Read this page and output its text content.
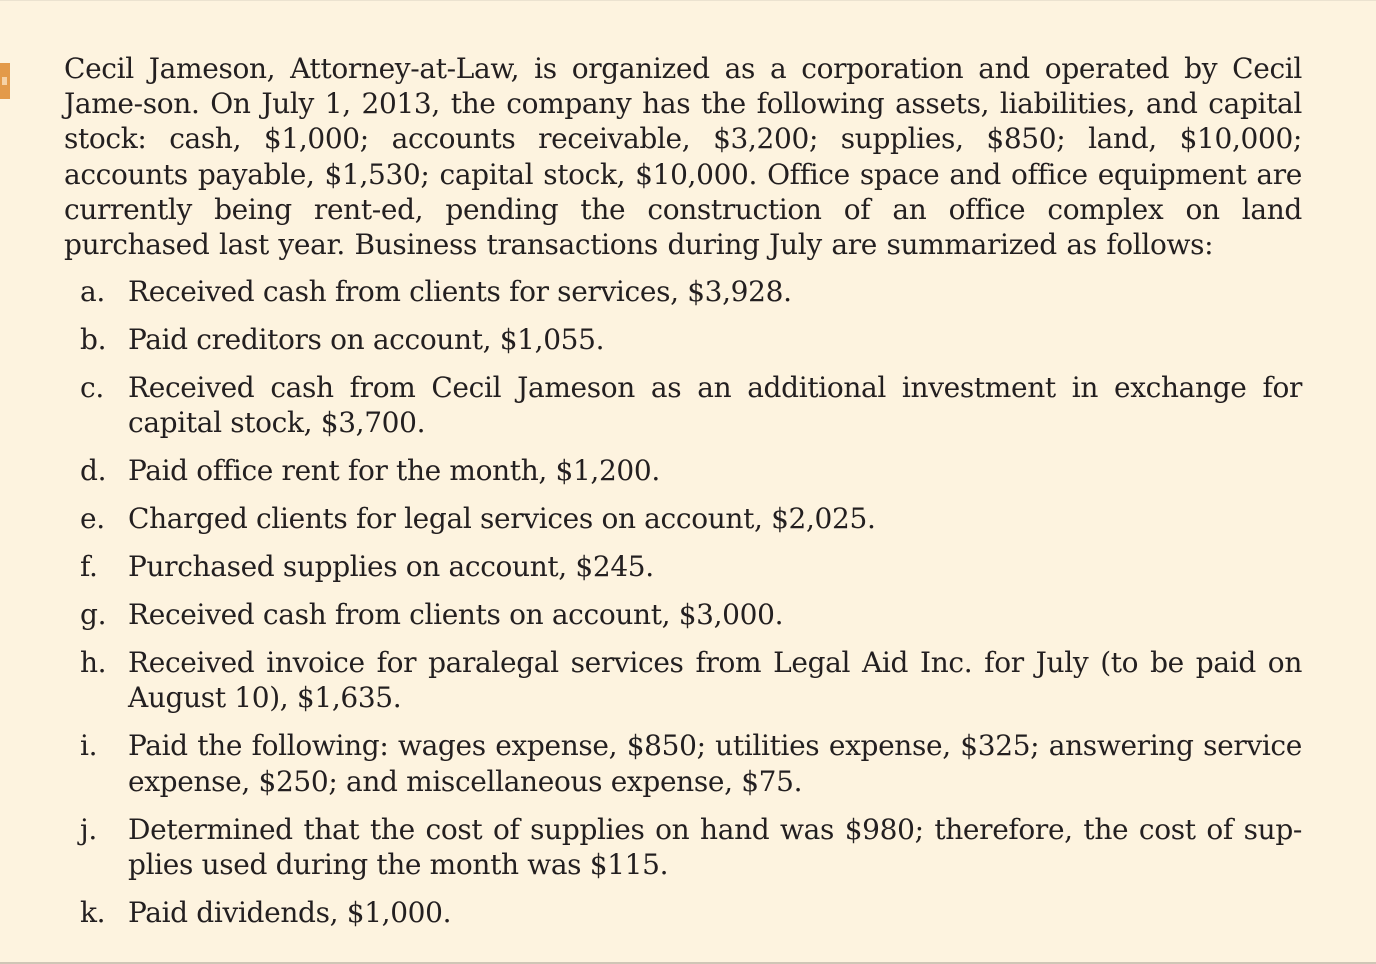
Cecil Jameson, Attorney-at-Law, is organized as a corporation and operated by Cecil Jame-son. On July 1, 2013, the company has the following assets, liabilities, and capital stock: cash, $1,000; accounts receivable, $3,200; supplies, $850; land, $10,000; accounts payable, $1,530; capital stock, $10,000. Office space and office equipment are currently being rent-ed, pending the construction of an office complex on land purchased last year. Business transactions during July are summarized as follows:

a. Received cash from clients for services, $3,928.
b. Paid creditors on account, $1,055.
c. Received cash from Cecil Jameson as an additional investment in exchange for capital stock, $3,700.
d. Paid office rent for the month, $1,200.
e. Charged clients for legal services on account, $2,025.
f.	Purchased supplies on account, $245.
g. Received cash from clients on account, $3,000.
h. Received invoice for paralegal services from Legal Aid Inc. for July (to be paid on August 10), $1,635.
i.	Paid the following: wages expense, $850; utilities expense, $325; answering service expense, $250; and miscellaneous expense, $75.
j.	Determined that the cost of supplies on hand was $980; therefore, the cost of sup-plies used during the month was $115.
k. Paid dividends, $1,000.
